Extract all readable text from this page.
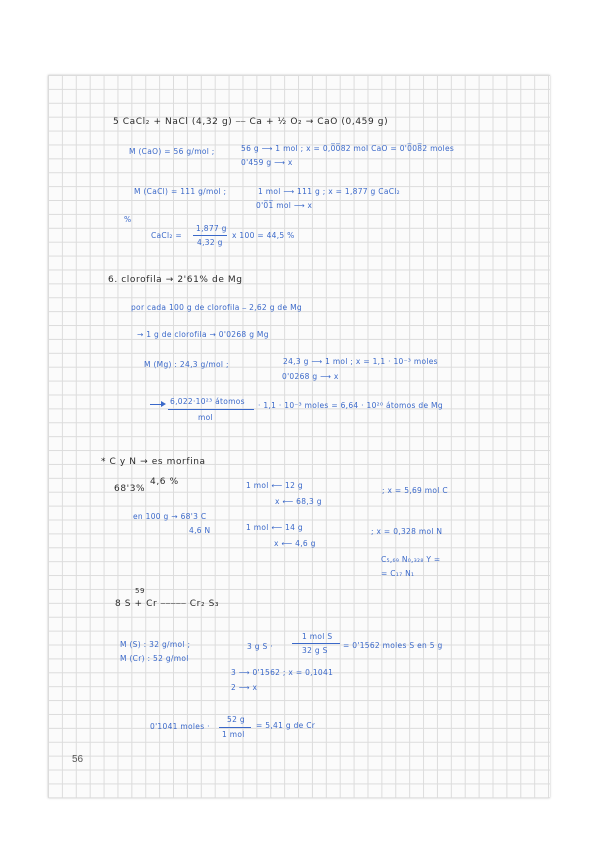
5 CaCl₂ + NaCl (4,32 g) ⎯⎯ Ca + ½ O₂ → CaO (0,459 g)
M (CaO) = 56 g/mol ;	56 g ⟶ 1 mol ; x = 0,0̅0̅82 mol CaO = 0'0̅08̅2 moles
0'459 g ⟶ x
M (CaCl) = 111 g/mol ;	1 mol ⟶ 111 g ; x = 1,877 g CaCl₂
0'0̅1̅ mol ⟶ x
%
CaCl₂ =
1,877 g
4,32 g
x 100 = 44,5 %
6. clorofila → 2'61% de Mg
por cada 100 g de clorofila ⎯ 2,62 g de Mg
→ 1 g de clorofila → 0'0268 g Mg
M (Mg) : 24,3 g/mol ;	24,3 g ⟶ 1 mol ; x = 1,1 · 10⁻³ moles
0'0268 g ⟶ x
6,022·10²³ átomos
mol
· 1,1 · 10⁻³ moles = 6,64 · 10²⁰ átomos de Mg
* C y N → es morfina
68'3%
4,6 %	1 mol ⟵ 12 g
x ⟵ 68,3 g
; x = 5,69 mol C
en 100 g → 68'3 C
4,6 N	1 mol ⟵ 14 g
x ⟵ 4,6 g
; x = 0,328 mol N
C₅,₆₉ N₀,₃₂₈ Y =
= C₁₇ N₁
59
8 S + Cr ⎯⎯⎯⎯⎯ Cr₂ S₃
M (S) : 32 g/mol ;
M (Cr) : 52 g/mol
3 g S ·
1 mol S
32 g S
= 0'1562 moles S en 5 g
3 ⟶ 0'1562 ; x = 0,1041
2 ⟶ x
0'1041 moles ·
52 g
1 mol
= 5,41 g de Cr
56
